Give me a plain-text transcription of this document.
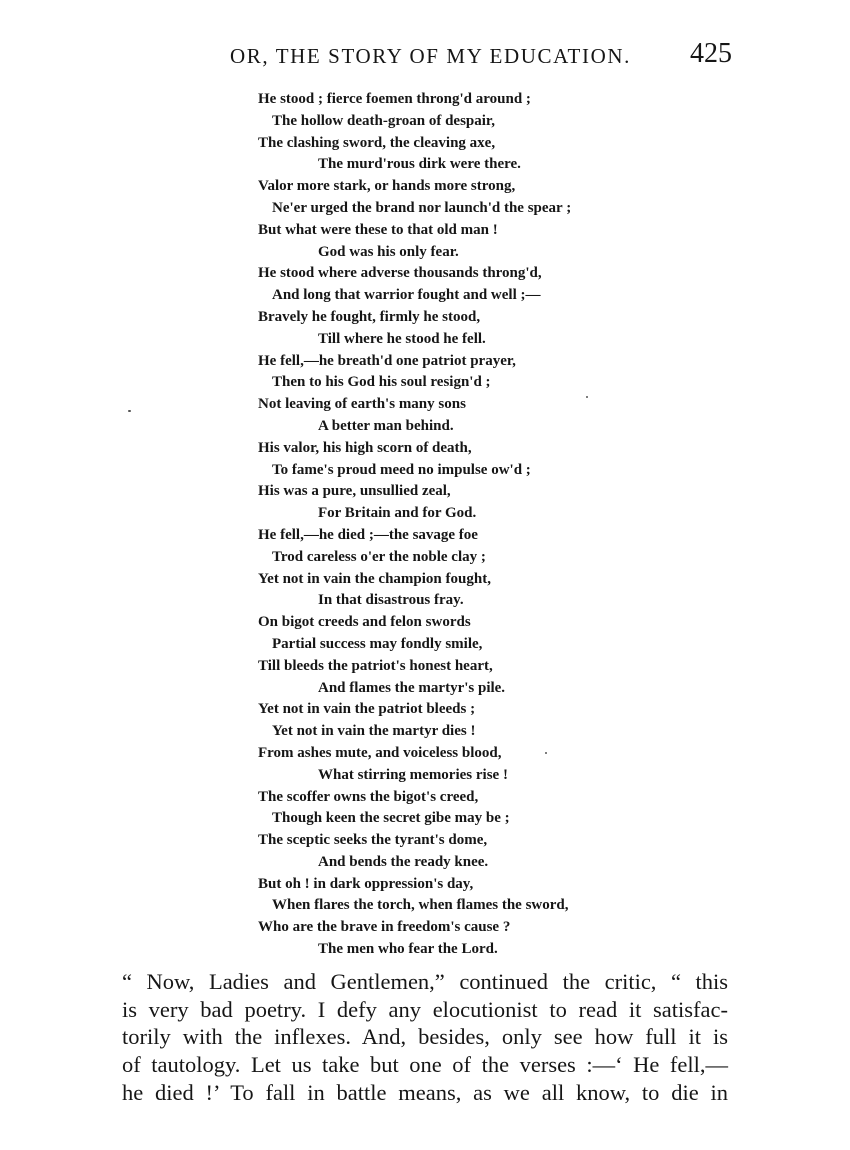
OR, THE STORY OF MY EDUCATION. 425
He stood ; fierce foemen throng'd around ;
The hollow death-groan of despair,
The clashing sword, the cleaving axe,
The murd'rous dirk were there.
Valor more stark, or hands more strong,
Ne'er urged the brand nor launch'd the spear ;
But what were these to that old man !
God was his only fear.
He stood where adverse thousands throng'd,
And long that warrior fought and well ;—
Bravely he fought, firmly he stood,
Till where he stood he fell.
He fell,—he breath'd one patriot prayer,
Then to his God his soul resign'd ;
Not leaving of earth's many sons
A better man behind.
His valor, his high scorn of death,
To fame's proud meed no impulse ow'd ;
His was a pure, unsullied zeal,
For Britain and for God.
He fell,—he died ;—the savage foe
Trod careless o'er the noble clay ;
Yet not in vain the champion fought,
In that disastrous fray.
On bigot creeds and felon swords
Partial success may fondly smile,
Till bleeds the patriot's honest heart,
And flames the martyr's pile.
Yet not in vain the patriot bleeds ;
Yet not in vain the martyr dies !
From ashes mute, and voiceless blood,
What stirring memories rise !
The scoffer owns the bigot's creed,
Though keen the secret gibe may be ;
The sceptic seeks the tyrant's dome,
And bends the ready knee.
But oh ! in dark oppression's day,
When flares the torch, when flames the sword,
Who are the brave in freedom's cause ?
The men who fear the Lord.
“ Now, Ladies and Gentlemen,” continued the critic, “ this
is very bad poetry. I defy any elocutionist to read it satisfac-
torily with the inflexes. And, besides, only see how full it is
of tautology. Let us take but one of the verses :—‘ He fell,—
he died !’ To fall in battle means, as we all know, to die in
